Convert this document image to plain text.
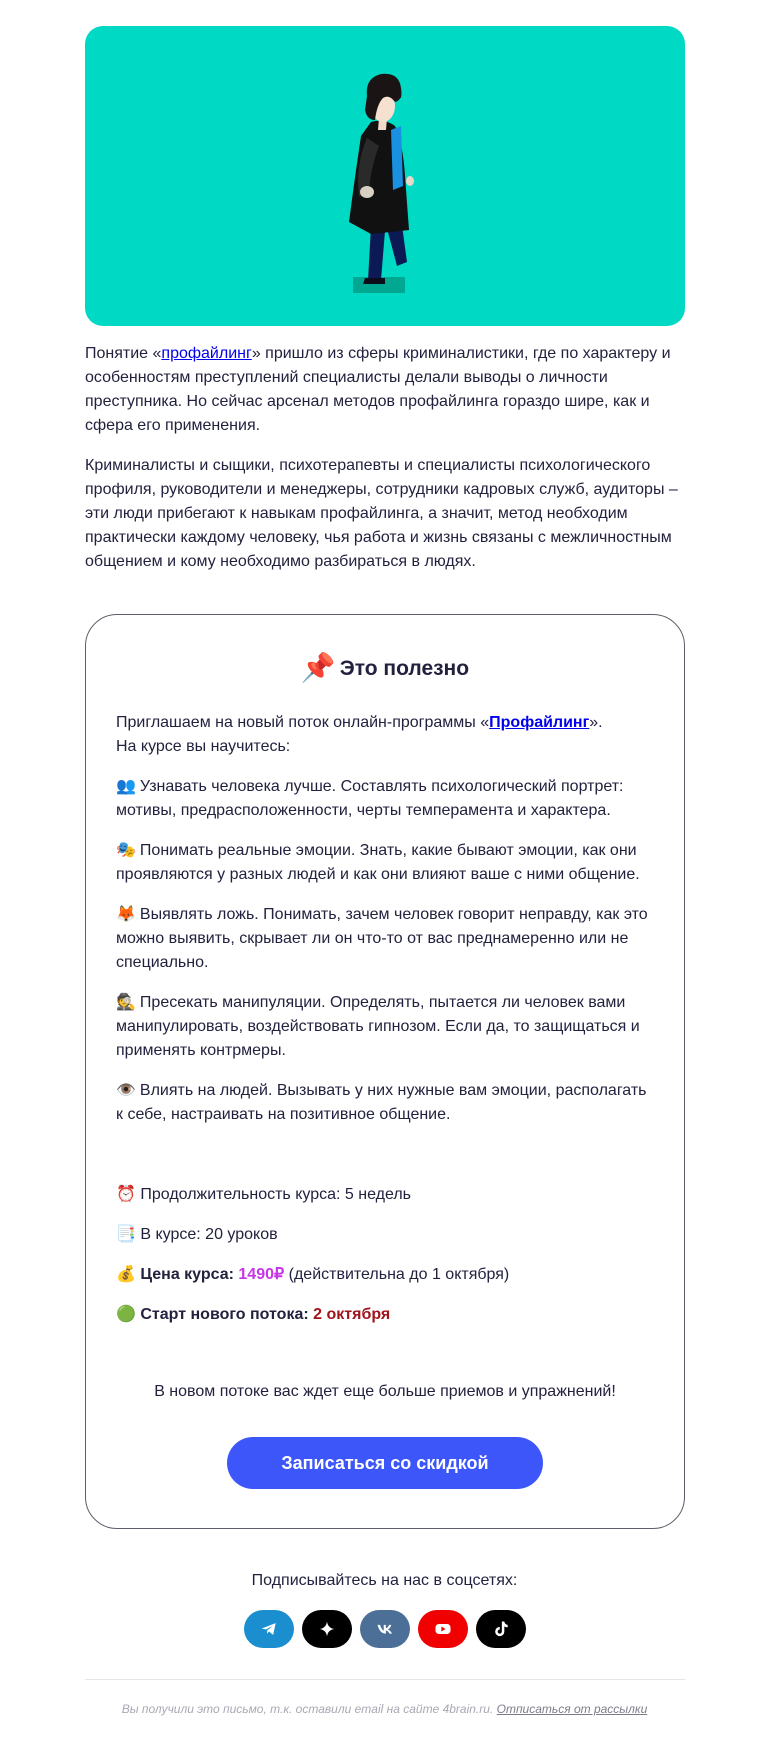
Понятие «профайлинг» пришло из сферы криминалистики, где по характеру и особенностям преступлений специалисты делали выводы о личности преступника. Но сейчас арсенал методов профайлинга гораздо шире, как и сфера его применения.

Криминалисты и сыщики, психотерапевты и специалисты психологического профиля, руководители и менеджеры, сотрудники кадровых служб, аудиторы – эти люди прибегают к навыкам профайлинга, а значит, метод необходим практически каждому человеку, чья работа и жизнь связаны с межличностным общением и кому необходимо разбираться в людях.

📌 Это полезно

Приглашаем на новый поток онлайн-программы «Профайлинг».
На курсе вы научитесь:

👥 Узнавать человека лучше. Составлять психологический портрет: мотивы, предрасположенности, черты темперамента и характера.

🎭 Понимать реальные эмоции. Знать, какие бывают эмоции, как они проявляются у разных людей и как они влияют ваше с ними общение.

🦊 Выявлять ложь. Понимать, зачем человек говорит неправду, как это можно выявить, скрывает ли он что-то от вас преднамеренно или не специально.

🕵️ Пресекать манипуляции. Определять, пытается ли человек вами манипулировать, воздействовать гипнозом. Если да, то защищаться и применять контрмеры.

👁️ Влиять на людей. Вызывать у них нужные вам эмоции, располагать к себе, настраивать на позитивное общение.

⏰ Продолжительность курса: 5 недель

📑 В курсе: 20 уроков

💰 Цена курса: 1490₽ (действительна до 1 октября)

🟢 Старт нового потока: 2 октября

В новом потоке вас ждет еще больше приемов и упражнений!
Записаться со скидкой
Подписывайтесь на нас в соцсетях:
Вы получили это письмо, т.к. оставили email на сайте 4brain.ru. Отписаться от рассылки
